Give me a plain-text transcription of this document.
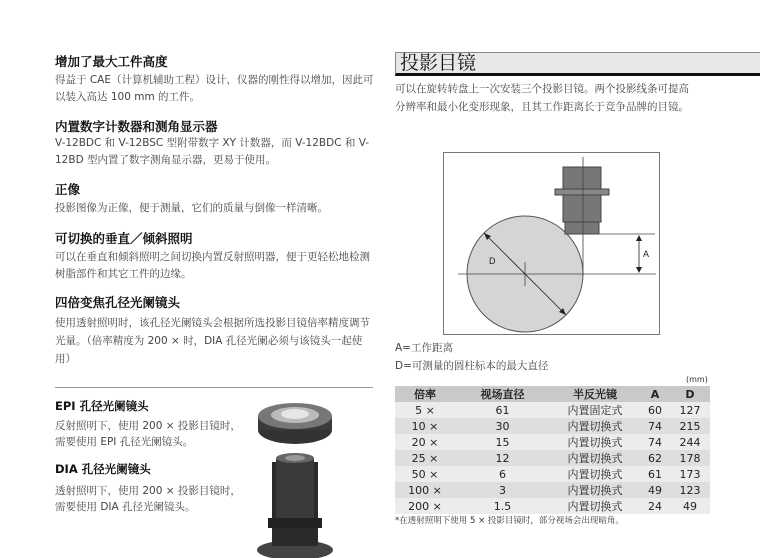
增加了最大工件高度
得益于 CAE（计算机辅助工程）设计，仪器的刚性得以增加，因此可以装入高达 100 mm 的工件。
内置数字计数器和测角显示器
V-12BDC 和 V-12BSC 型附带数字 XY 计数器，而 V-12BDC 和 V-12BD 型内置了数字测角显示器，更易于使用。
正像
投影图像为正像，便于测量，它们的质量与倒像一样清晰。
可切换的垂直／倾斜照明
可以在垂直和倾斜照明之间切换内置反射照明器，便于更轻松地检测树脂部件和其它工件的边缘。
四倍变焦孔径光阑镜头
使用透射照明时，该孔径光阑镜头会根据所选投影目镜倍率精度调节光量。（倍率精度为 200 × 时，DIA 孔径光阑必须与该镜头一起使用）
EPI 孔径光阑镜头
反射照明下，使用 200 × 投影目镜时，需要使用 EPI 孔径光阑镜头。
DIA 孔径光阑镜头
透射照明下，使用 200 × 投影目镜时，需要使用 DIA 孔径光阑镜头。
投影目镜
可以在旋转转盘上一次安装三个投影目镜。两个投影线条可提高分辨率和最小化变形现象，且其工作距离长于竞争品牌的目镜。
D
A
A=工作距离
D=可测量的圆柱标本的最大直径
(mm)
倍率	视场直径	半反光镜	A	D
5 ×	61	内置固定式	60	127
10 ×	30	内置切换式	74	215
20 ×	15	内置切换式	74	244
25 ×	12	内置切换式	62	178
50 ×	6	内置切换式	61	173
100 ×	3	内置切换式	49	123
200 ×	1.5	内置切换式	24	49
*在透射照明下使用 5 × 投影目镜时，部分视场会出现暗角。
